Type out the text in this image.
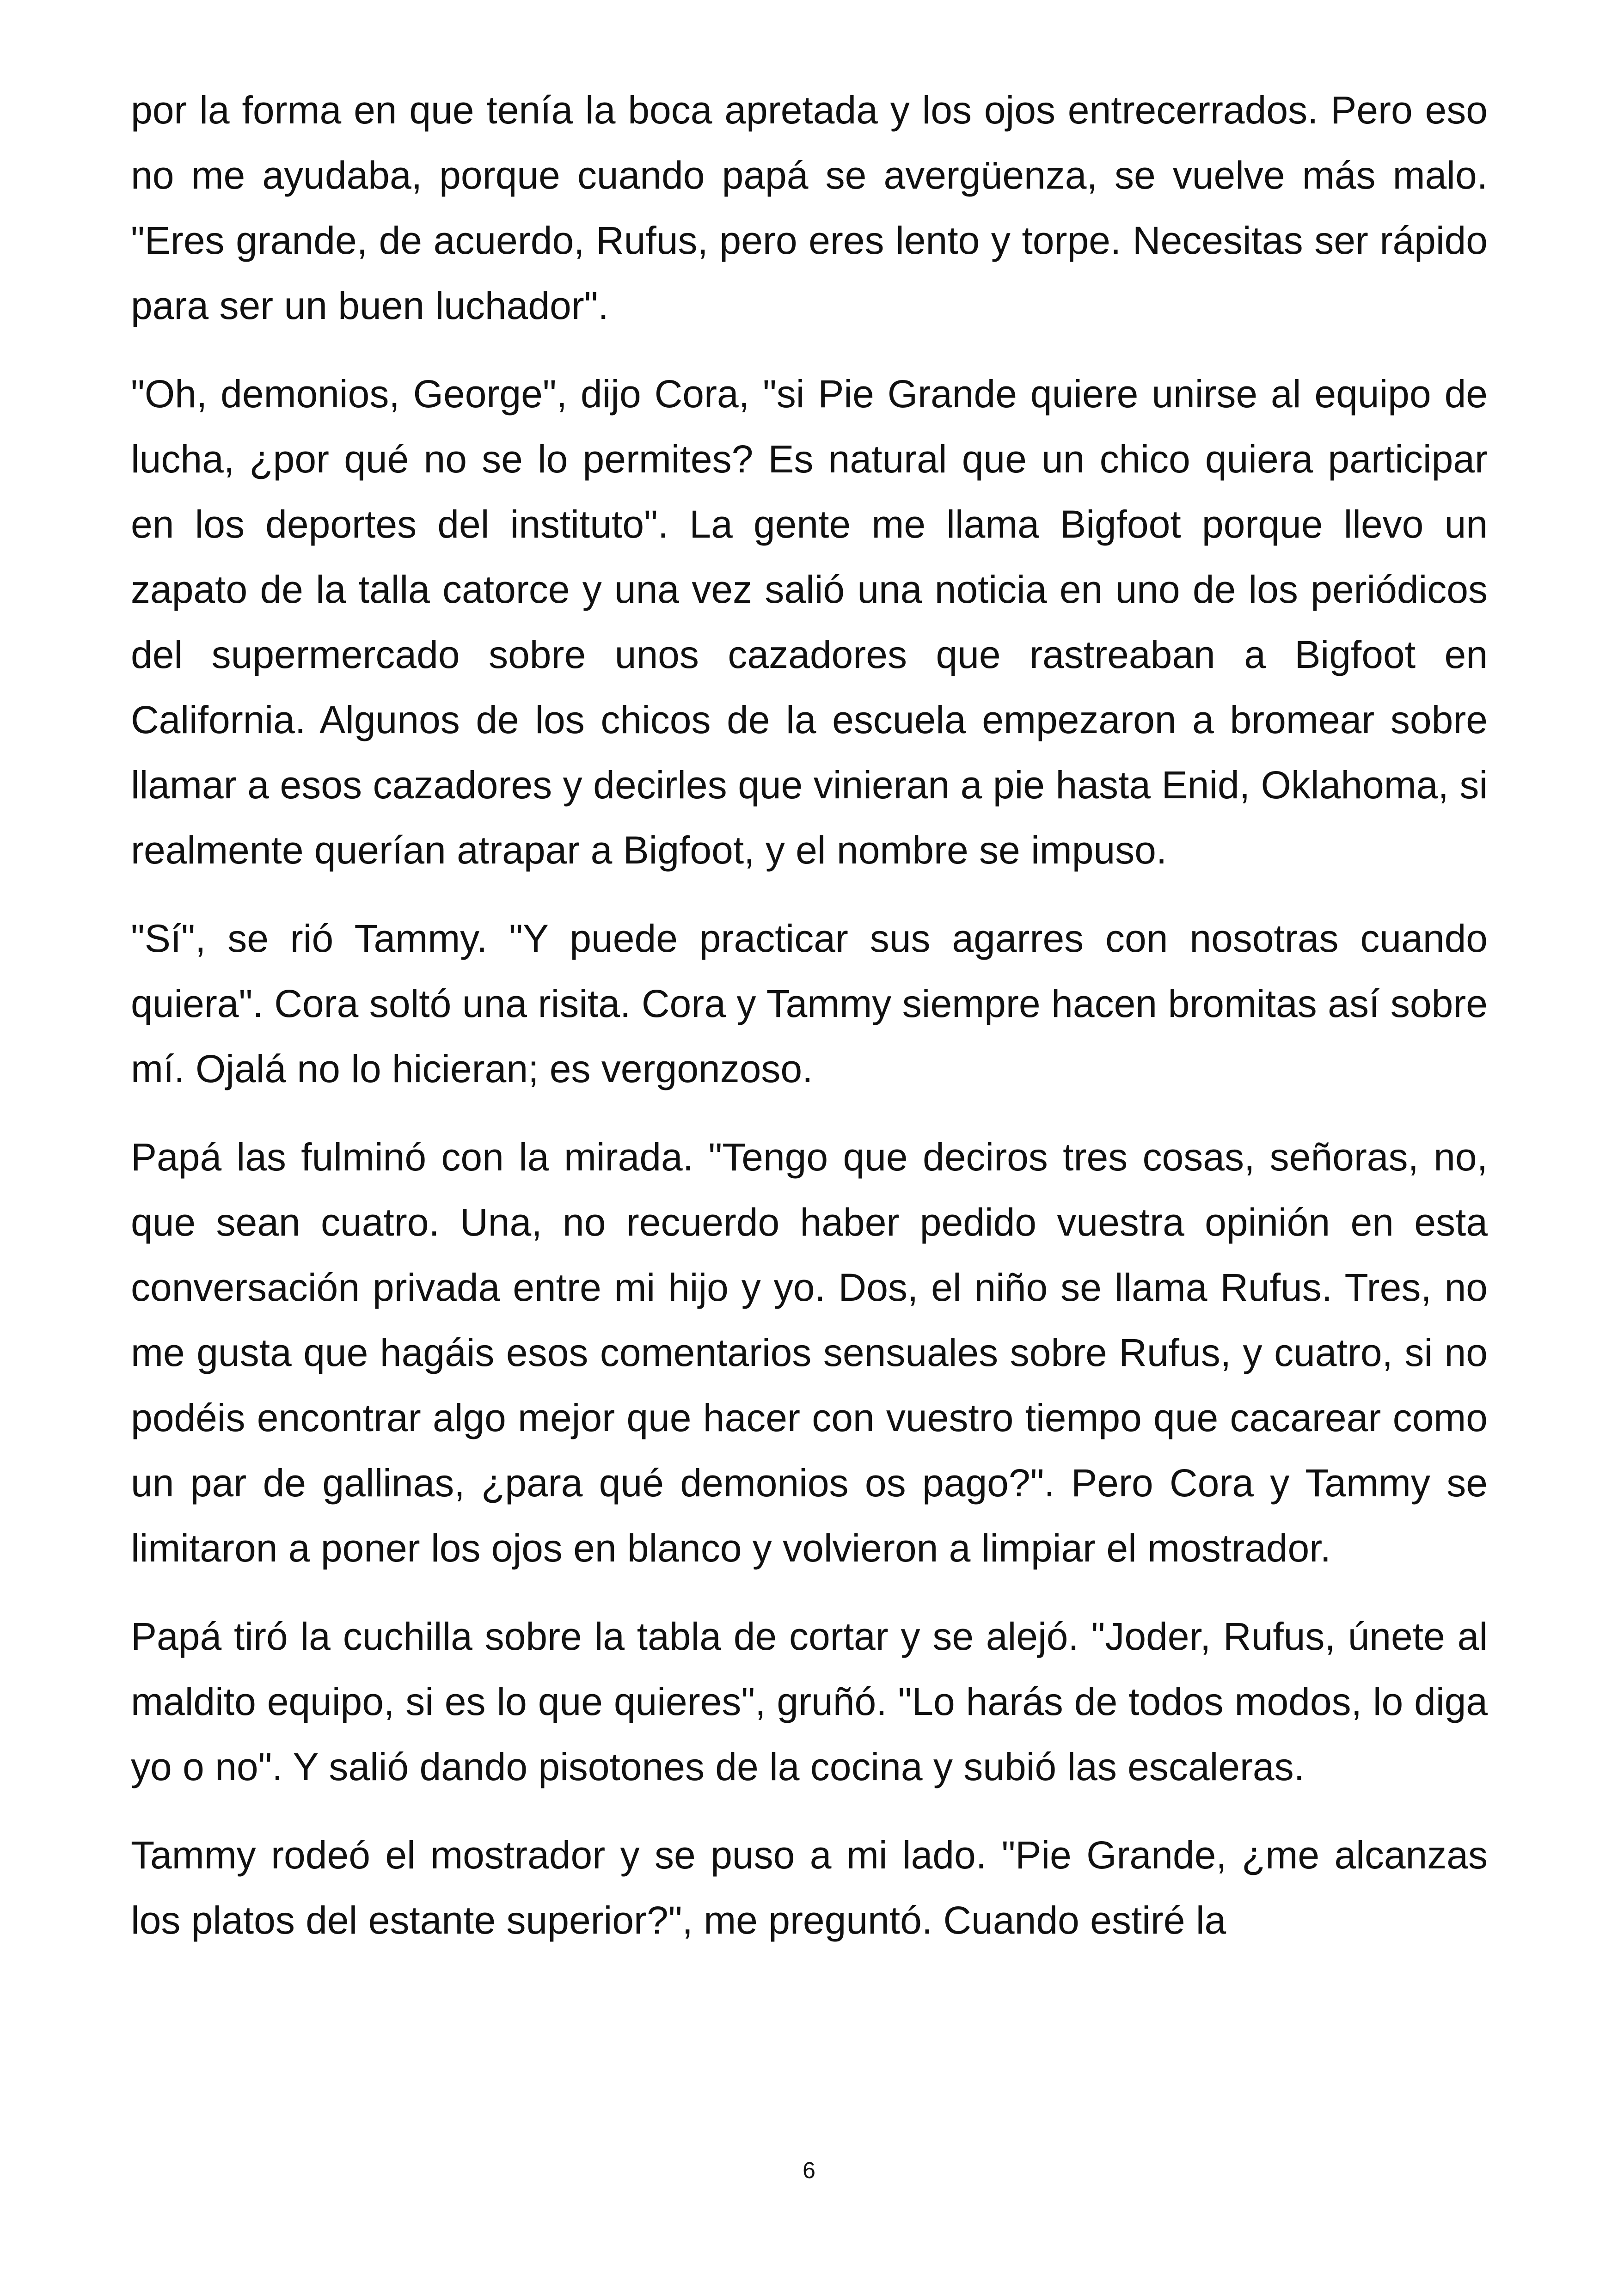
por la forma en que tenía la boca apretada y los ojos entrecerrados. Pero eso no me ayudaba, porque cuando papá se avergüenza, se vuelve más malo. "Eres grande, de acuerdo, Rufus, pero eres lento y torpe. Necesitas ser rápido para ser un buen luchador".

"Oh, demonios, George", dijo Cora, "si Pie Grande quiere unirse al equipo de lucha, ¿por qué no se lo permites? Es natural que un chico quiera participar en los deportes del instituto". La gente me llama Bigfoot porque llevo un zapato de la talla catorce y una vez salió una noticia en uno de los periódicos del supermercado sobre unos cazadores que rastreaban a Bigfoot en California. Algunos de los chicos de la escuela empezaron a bromear sobre llamar a esos cazadores y decirles que vinieran a pie hasta Enid, Oklahoma, si realmente querían atrapar a Bigfoot, y el nombre se impuso.

"Sí", se rió Tammy. "Y puede practicar sus agarres con nosotras cuando quiera". Cora soltó una risita. Cora y Tammy siempre hacen bromitas así sobre mí. Ojalá no lo hicieran; es vergonzoso.

Papá las fulminó con la mirada. "Tengo que deciros tres cosas, señoras, no, que sean cuatro. Una, no recuerdo haber pedido vuestra opinión en esta conversación privada entre mi hijo y yo. Dos, el niño se llama Rufus. Tres, no me gusta que hagáis esos comentarios sensuales sobre Rufus, y cuatro, si no podéis encontrar algo mejor que hacer con vuestro tiempo que cacarear como un par de gallinas, ¿para qué demonios os pago?". Pero Cora y Tammy se limitaron a poner los ojos en blanco y volvieron a limpiar el mostrador.

Papá tiró la cuchilla sobre la tabla de cortar y se alejó. "Joder, Rufus, únete al maldito equipo, si es lo que quieres", gruñó. "Lo harás de todos modos, lo diga yo o no". Y salió dando pisotones de la cocina y subió las escaleras.

Tammy rodeó el mostrador y se puso a mi lado. "Pie Grande, ¿me alcanzas los platos del estante superior?", me preguntó. Cuando estiré la

6
